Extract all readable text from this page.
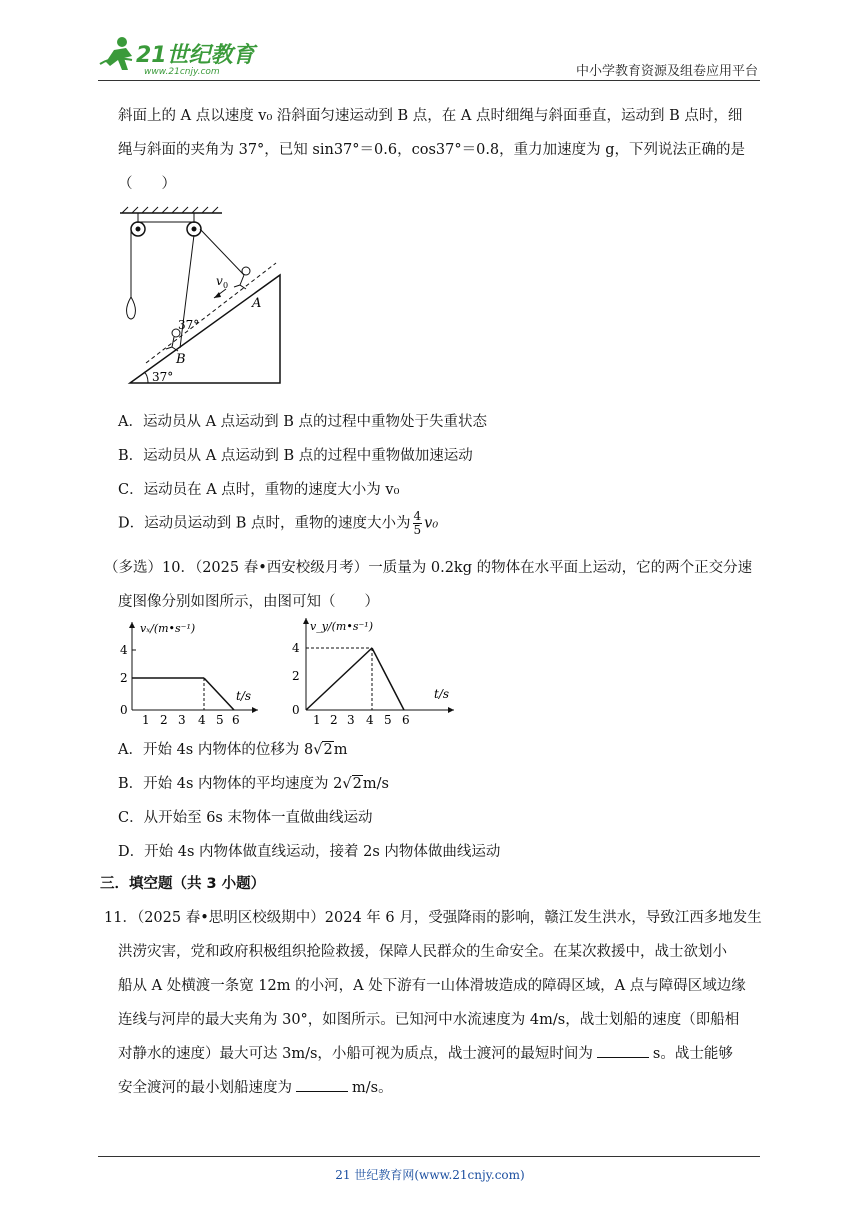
21世纪教育
www.21cnjy.com	中小学教育资源及组卷应用平台
斜面上的 A 点以速度 v₀ 沿斜面匀速运动到 B 点，在 A 点时细绳与斜面垂直，运动到 B 点时，细
绳与斜面的夹角为 37°，已知 sin37°＝0.6，cos37°＝0.8，重力加速度为 g，下列说法正确的是
（　　）
v 0
A
37°
B
37°
A．运动员从 A 点运动到 B 点的过程中重物处于失重状态
B．运动员从 A 点运动到 B 点的过程中重物做加速运动
C．运动员在 A 点时，重物的速度大小为 v₀
D．运动员运动到 B 点时，重物的速度大小为 $\frac{4}{5} v_0$
（多选）10．（2025 春•西安校级月考）一质量为 0.2kg 的物体在水平面上运动，它的两个正交分速
度图像分别如图所示，由图可知（　　）
vₓ/(m•s⁻¹)
4
2
0
1 2 3 4 5 6
t/s
v_y/(m•s⁻¹)
4
2
0
1 2 3 4 5 6
t/s
A．开始 4s 内物体的位移为 8√2m
B．开始 4s 内物体的平均速度为 2√2m/s
C．从开始至 6s 末物体一直做曲线运动
D．开始 4s 内物体做直线运动，接着 2s 内物体做曲线运动
三．填空题（共 3 小题）
11．（2025 春•思明区校级期中）2024 年 6 月，受强降雨的影响，赣江发生洪水，导致江西多地发生
洪涝灾害，党和政府积极组织抢险救援，保障人民群众的生命安全。在某次救援中，战士欲划小
船从 A 处横渡一条宽 12m 的小河，A 处下游有一山体滑坡造成的障碍区域，A 点与障碍区域边缘
连线与河岸的最大夹角为 30°，如图所示。已知河中水流速度为 4m/s，战士划船的速度（即船相
对静水的速度）最大可达 3m/s，小船可视为质点，战士渡河的最短时间为	s。战士能够
安全渡河的最小划船速度为	m/s。
21 世纪教育网(www.21cnjy.com)
